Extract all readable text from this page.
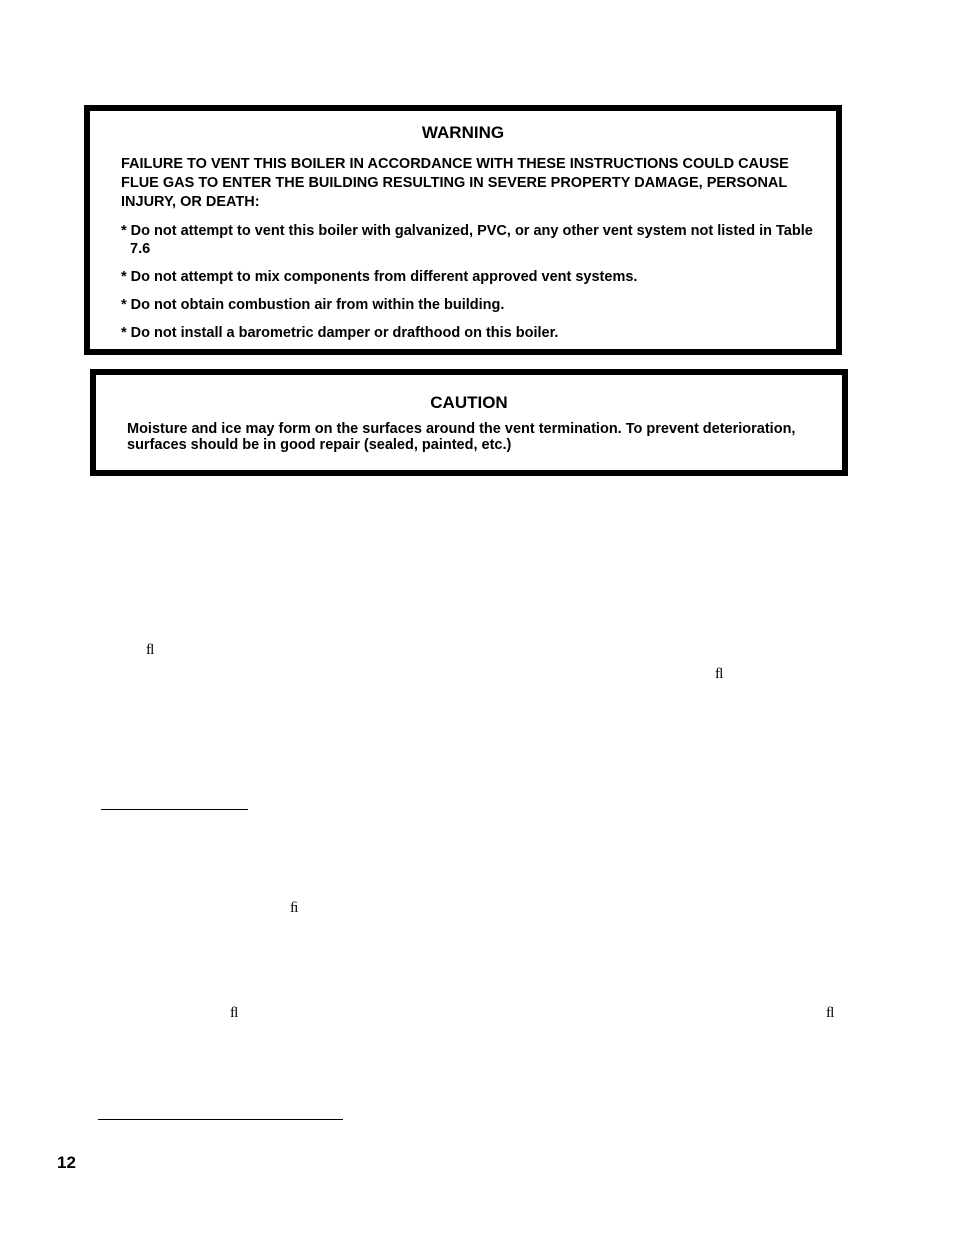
WARNING
FAILURE TO VENT THIS BOILER IN ACCORDANCE WITH THESE INSTRUCTIONS COULD CAUSE FLUE GAS TO ENTER THE BUILDING RESULTING IN SEVERE PROPERTY DAMAGE, PERSONAL INJURY, OR DEATH:
* Do not attempt to vent this boiler with galvanized, PVC, or any other vent system not listed in Table 7.6
* Do not attempt to mix components from different approved vent systems.
* Do not obtain combustion air from within the building.
* Do not install a barometric damper or drafthood on this boiler.
CAUTION
Moisture and ice may form on the surfaces around the vent termination. To prevent deterioration, surfaces should be in good repair (sealed, painted, etc.)
ﬂ
ﬂ
ﬁ
ﬂ	ﬂ
12
